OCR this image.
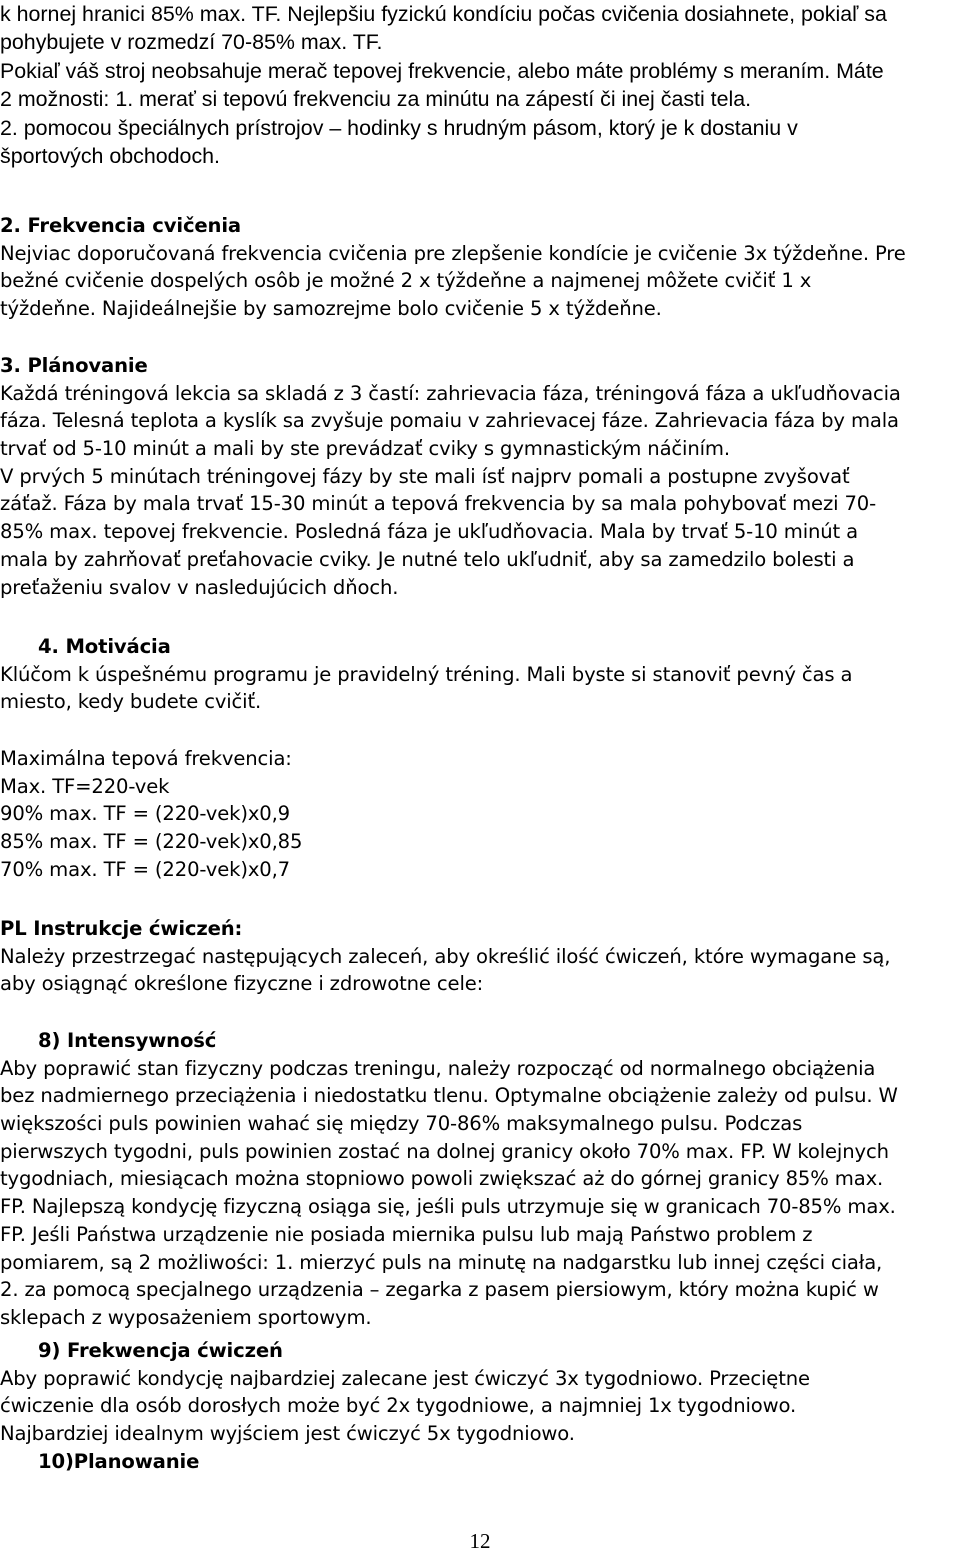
k hornej hranici 85% max. TF. Nejlepšiu fyzickú kondíciu počas cvičenia dosiahnete, pokiaľ sa
pohybujete v rozmedzí 70-85% max. TF.
Pokiaľ váš stroj neobsahuje merač tepovej frekvencie, alebo máte problémy s meraním. Máte
2 možnosti: 1. merať si tepovú frekvenciu za minútu na zápestí či inej časti tela.
2. pomocou špeciálnych prístrojov – hodinky s hrudným pásom, ktorý je k dostaniu v
športových obchodoch.
2. Frekvencia cvičenia
Nejviac doporučovaná frekvencia cvičenia pre zlepšenie kondície je cvičenie 3x týždeňne. Pre
bežné cvičenie dospelých osôb je možné 2 x týždeňne a najmenej môžete cvičiť 1 x
týždeňne. Najideálnejšie by samozrejme bolo cvičenie 5 x týždeňne.
3. Plánovanie
Každá tréningová lekcia sa skladá z 3 častí: zahrievacia fáza, tréningová fáza a ukľudňovacia
fáza. Telesná teplota a kyslík sa zvyšuje pomaiu v zahrievacej fáze. Zahrievacia fáza by mala
trvať od 5-10 minút a mali by ste prevádzať cviky s gymnastickým náčiním.
V prvých 5 minútach tréningovej fázy by ste mali ísť najprv pomali a postupne zvyšovať
záťaž. Fáza by mala trvať 15-30 minút a tepová frekvencia by sa mala pohybovať mezi 70-
85% max. tepovej frekvencie. Posledná fáza je ukľudňovacia. Mala by trvať 5-10 minút a
mala by zahrňovať preťahovacie cviky. Je nutné telo ukľudniť, aby sa zamedzilo bolesti a
preťaženiu svalov v nasledujúcich dňoch.
4. Motivácia
Klúčom k úspešnému programu je pravidelný tréning. Mali byste si stanoviť pevný čas a
miesto, kedy budete cvičiť.
Maximálna tepová frekvencia:
Max. TF=220-vek
90% max. TF = (220-vek)x0,9
85% max. TF = (220-vek)x0,85
70% max. TF = (220-vek)x0,7
PL Instrukcje ćwiczeń:
Należy przestrzegać następujących zaleceń, aby określić ilość ćwiczeń, które wymagane są,
aby osiągnąć określone fizyczne i zdrowotne cele:
8) Intensywność
Aby poprawić stan fizyczny podczas treningu, należy rozpocząć od normalnego obciążenia
bez nadmiernego przeciążenia i niedostatku tlenu. Optymalne obciążenie zależy od pulsu. W
większości puls powinien wahać się między 70-86% maksymalnego pulsu. Podczas
pierwszych tygodni, puls powinien zostać na dolnej granicy około 70% max. FP. W kolejnych
tygodniach, miesiącach można stopniowo powoli zwiększać aż do górnej granicy 85% max.
FP. Najlepszą kondycję fizyczną osiąga się, jeśli puls utrzymuje się w granicach 70-85% max.
FP. Jeśli Państwa urządzenie nie posiada miernika pulsu lub mają Państwo problem z
pomiarem, są 2 możliwości: 1. mierzyć puls na minutę na nadgarstku lub innej części ciała,
2. za pomocą specjalnego urządzenia – zegarka z pasem piersiowym, który można kupić w
sklepach z wyposażeniem sportowym.
9) Frekwencja ćwiczeń
Aby poprawić kondycję najbardziej zalecane jest ćwiczyć 3x tygodniowo. Przeciętne
ćwiczenie dla osób dorosłych może być 2x tygodniowe, a najmniej 1x tygodniowo.
Najbardziej idealnym wyjściem jest ćwiczyć 5x tygodniowo.
10)Planowanie
12
